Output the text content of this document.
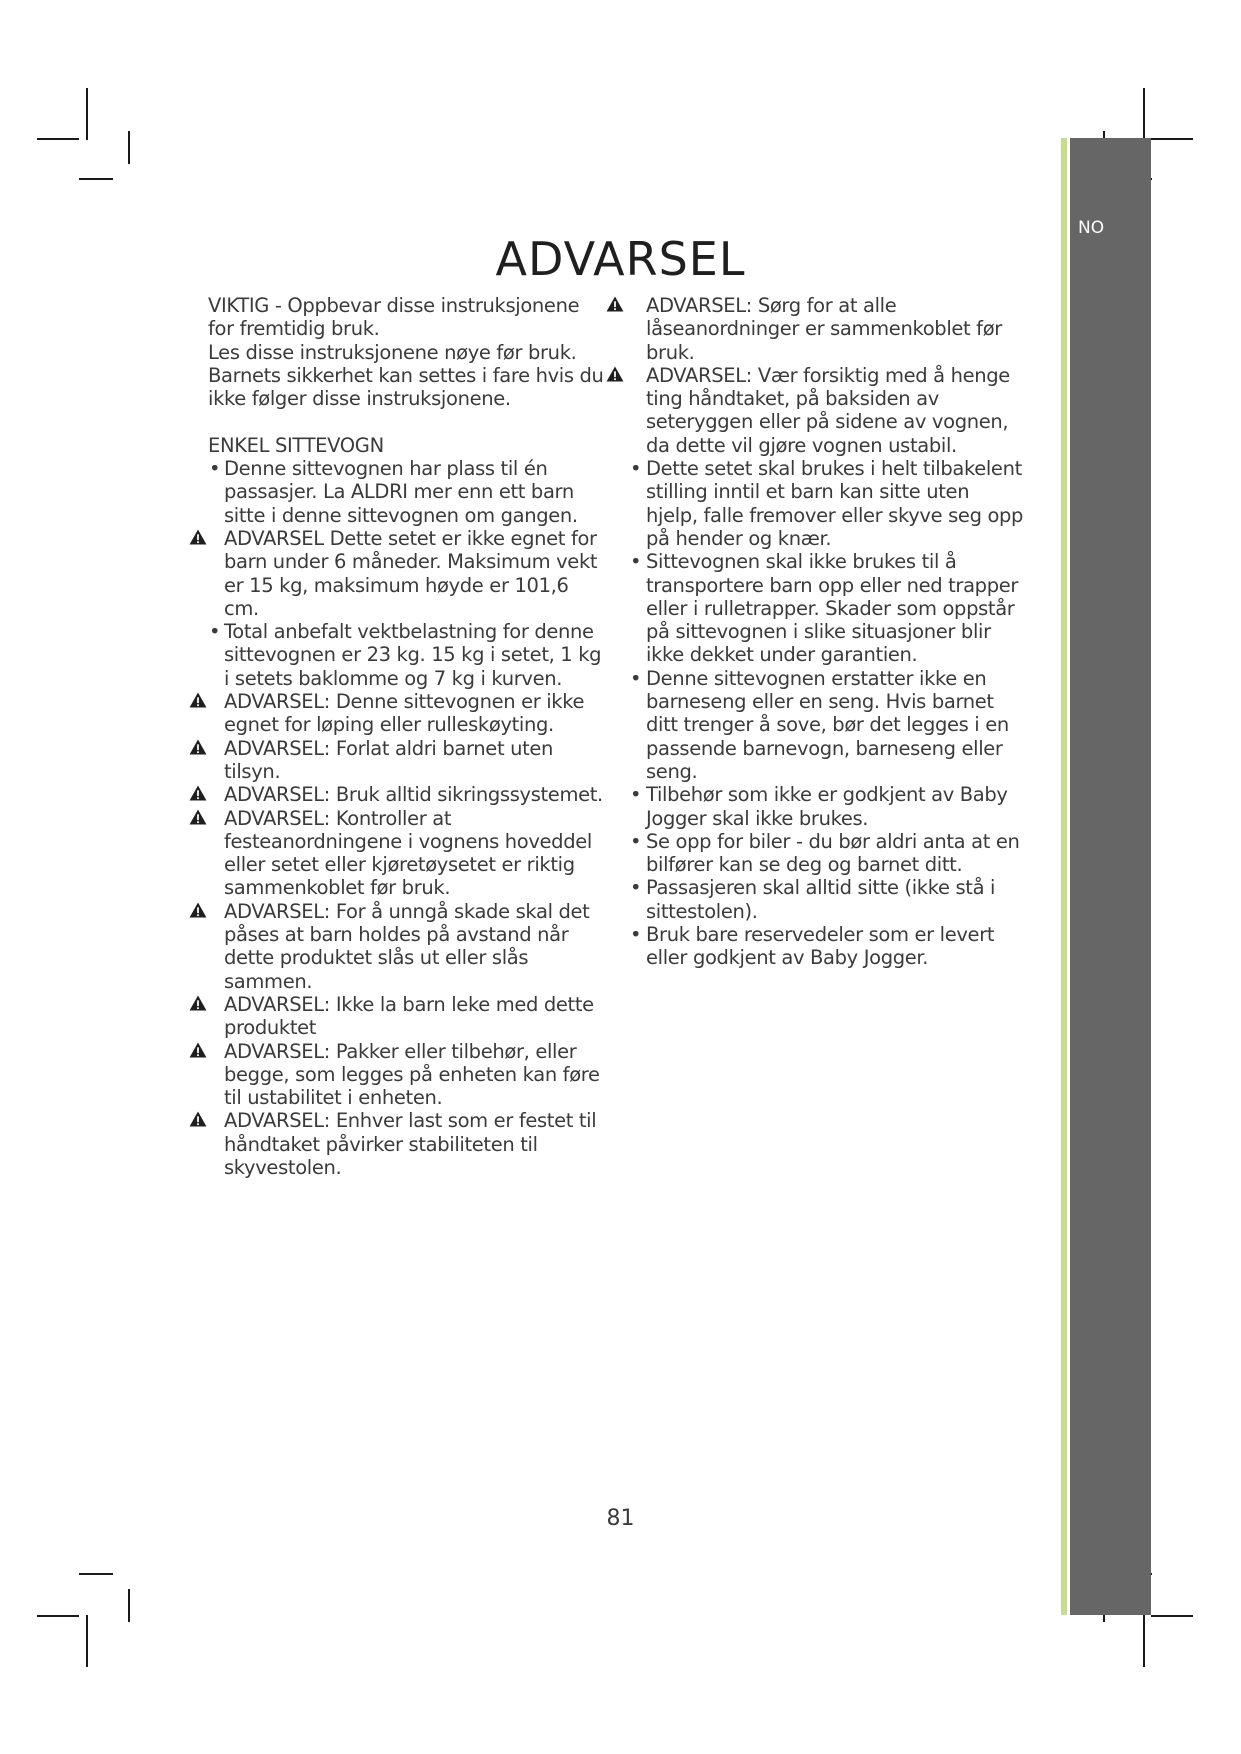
NO
ADVARSEL

VIKTIG - Oppbevar disse instruksjonene for fremtidig bruk.

Les disse instruksjonene nøye før bruk.

Barnets sikkerhet kan settes i fare hvis du ikke følger disse instruksjonene.

ENKEL SITTEVOGN

• Denne sittevognen har plass til én passasjer. La ALDRI mer enn ett barn sitte i denne sittevognen om gangen.
ADVARSEL Dette setet er ikke egnet for barn under 6 måneder. Maksimum vekt er 15 kg, maksimum høyde er 101,6 cm.
• Total anbefalt vektbelastning for denne sittevognen er 23 kg. 15 kg i setet, 1 kg i setets baklomme og 7 kg i kurven.
ADVARSEL: Denne sittevognen er ikke egnet for løping eller rulleskøyting.
ADVARSEL: Forlat aldri barnet uten tilsyn.
ADVARSEL: Bruk alltid sikringssystemet.
ADVARSEL: Kontroller at festeanordningene i vognens hoveddel eller setet eller kjøretøysetet er riktig sammenkoblet før bruk.
ADVARSEL: For å unngå skade skal det påses at barn holdes på avstand når dette produktet slås ut eller slås sammen.
ADVARSEL: Ikke la barn leke med dette produktet
ADVARSEL: Pakker eller tilbehør, eller begge, som legges på enheten kan føre til ustabilitet i enheten.
ADVARSEL: Enhver last som er festet til håndtaket påvirker stabiliteten til skyvestolen.
ADVARSEL: Sørg for at alle låseanordninger er sammenkoblet før bruk.
ADVARSEL: Vær forsiktig med å henge ting håndtaket, på baksiden av seteryggen eller på sidene av vognen, da dette vil gjøre vognen ustabil.
• Dette setet skal brukes i helt tilbakelent stilling inntil et barn kan sitte uten hjelp, falle fremover eller skyve seg opp på hender og knær.
• Sittevognen skal ikke brukes til å transportere barn opp eller ned trapper eller i rulletrapper. Skader som oppstår på sittevognen i slike situasjoner blir ikke dekket under garantien.
• Denne sittevognen erstatter ikke en barneseng eller en seng. Hvis barnet ditt trenger å sove, bør det legges i en passende barnevogn, barneseng eller seng.
• Tilbehør som ikke er godkjent av Baby Jogger skal ikke brukes.
• Se opp for biler - du bør aldri anta at en bilfører kan se deg og barnet ditt.
• Passasjeren skal alltid sitte (ikke stå i sittestolen).
• Bruk bare reservedeler som er levert eller godkjent av Baby Jogger.
81
